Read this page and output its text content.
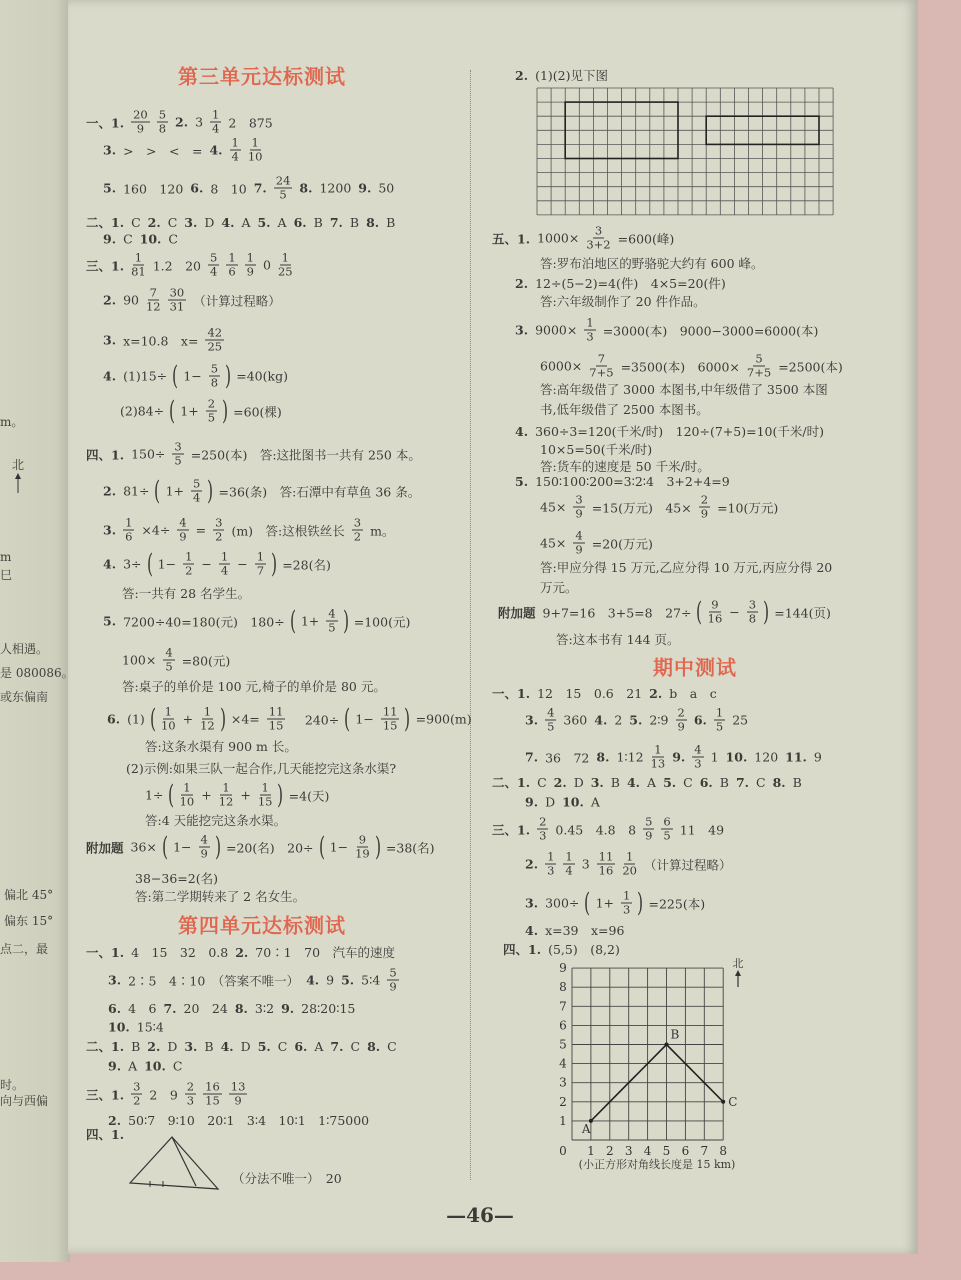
m。
北
m
巳
人相遇。
是 080086。
或东偏南
偏北 45°
偏东 15°
点二，最
时。
向与西偏
第三单元达标测试
一、1. $\frac{20}{9} \frac{5}{8} 2$. $3 \frac{1}{4} 2$　875
3. >　>　<　= 4. $\frac{1}{4} \frac{1}{10}$
5. 160　120 6. 8　10 7. $\frac{24}{5} 8$. 1200 9. 50
二、1. C 2. C 3. D 4. A 5. A 6. B 7. B 8. B
9. C 10. C
三、1. $\frac{1}{81} 1.2$　$20 \frac{5}{4} \frac{1}{6} \frac{1}{9} 0 \frac{1}{25}$
2. $90 \frac{7}{12} \frac{30}{31}$ （计算过程略）
3. x=10.8　$x= \frac{42}{25}$
4. (1)15÷ ( $1- \frac{5}{8}$ ) =40(kg)
(2)84÷ ( $1+ \frac{2}{5}$ ) =60(棵)
四、1. $150\div \frac{3}{5} =250$(本)　答:这批图书一共有 250 本。
2. 81÷ ( $1+ \frac{5}{4}$ ) =36(条)　答:石潭中有草鱼 36 条。
3. $\frac{1}{6} \times 4\div \frac{4}{9} = \frac{3}{2} (m)$　答:这根铁丝长 $\frac{3}{2}$ m。
4. 3÷ ( $1- \frac{1}{2} - \frac{1}{4} - \frac{1}{7}$ ) =28(名)
答:一共有 28 名学生。
5. 7200÷40=180(元)　180÷ ( $1+ \frac{4}{5}$ ) =100(元)
$100\times \frac{4}{5} =80$(元)
答:桌子的单价是 100 元,椅子的单价是 80 元。
6. (1) ( $\frac{1}{10} + \frac{1}{12}$ ) $\times 4= \frac{11}{15}$ 　240÷ ( $1- \frac{11}{15}$ ) =900(m)
答:这条水渠有 900 m 长。
(2)示例:如果三队一起合作,几天能挖完这条水渠?
1÷ ( $\frac{1}{10} + \frac{1}{12} + \frac{1}{15}$ ) =4(天)
答:4 天能挖完这条水渠。
附加题 36× ( $1- \frac{4}{9}$ ) =20(名)　20÷ ( $1- \frac{9}{19}$ ) =38(名)
38−36=2(名)
答:第二学期转来了 2 名女生。
第四单元达标测试
一、1. 4　15　32　0.8 2. 70∶1　70　汽车的速度
3. 2∶5　4∶10　（答案不唯一） 4. 9 5. 5∶4 $\frac{5}{9}$
6. 4　6 7. 20　24 8. 3∶2 9. 28∶20∶15
10. 15∶4
二、1. B 2. D 3. B 4. D 5. C 6. A 7. C 8. C
9. A 10. C
三、1. $\frac{3}{2} 2$　$9 \frac{2}{3} \frac{16}{15} \frac{13}{9}$
2. 50∶7　9∶10　20∶1　3∶4　10∶1　1∶75000
四、1.
（分法不唯一）　20
2. (1)(2)见下图
五、1. $1000\times \frac{3}{3+2} =600$(峰)
答:罗布泊地区的野骆驼大约有 600 峰。
2. 12÷(5−2)=4(件)　4×5=20(件)
答:六年级制作了 20 件作品。
3. $9000\times \frac{1}{3} =3000$(本)　9000−3000=6000(本)
$6000\times \frac{7}{7+5} =3500$(本)　$6000\times \frac{5}{7+5} =2500$(本)
答:高年级借了 3000 本图书,中年级借了 3500 本图
书,低年级借了 2500 本图书。
4. 360÷3=120(千米/时)　120÷(7+5)=10(千米/时)
10×5=50(千米/时)
答:货车的速度是 50 千米/时。
5. 150∶100∶200=3∶2∶4　3+2+4=9
$45\times \frac{3}{9} =15$(万元)　$45\times \frac{2}{9} =10$(万元)
$45\times \frac{4}{9} =20$(万元)
答:甲应分得 15 万元,乙应分得 10 万元,丙应分得 20
万元。
附加题 9+7=16　3+5=8　27÷ ( $\frac{9}{16} - \frac{3}{8}$ ) =144(页)
答:这本书有 144 页。
期中测试
一、1. 12　15　0.6　21 2. b　a　c
3. $\frac{4}{5} 360$ 4. 2 5. 2∶9 $\frac{2}{9} 6$. $\frac{1}{5} 25$
7. 36　72 8. 1∶12 $\frac{1}{13} 9$. $\frac{4}{3} 1$ 10. 120 11. 9
二、1. C 2. D 3. B 4. A 5. C 6. B 7. C 8. B
9. D 10. A
三、1. $\frac{2}{3} 0.45$　4.8　$8 \frac{5}{9} \frac{6}{5} 11$　49
2. $\frac{1}{3} \frac{1}{4} 3 \frac{11}{16} \frac{1}{20}$ （计算过程略）
3. 300÷ ( $1+ \frac{1}{3}$ ) =225(本)
4. x=39　x=96
四、1. (5,5)　(8,2)
0 1 2 3 4 5 6 7 8
1
2
3
4
5
6
7
8
9
A
B
C
北
(小正方形对角线长度是 15 km)
—46—
